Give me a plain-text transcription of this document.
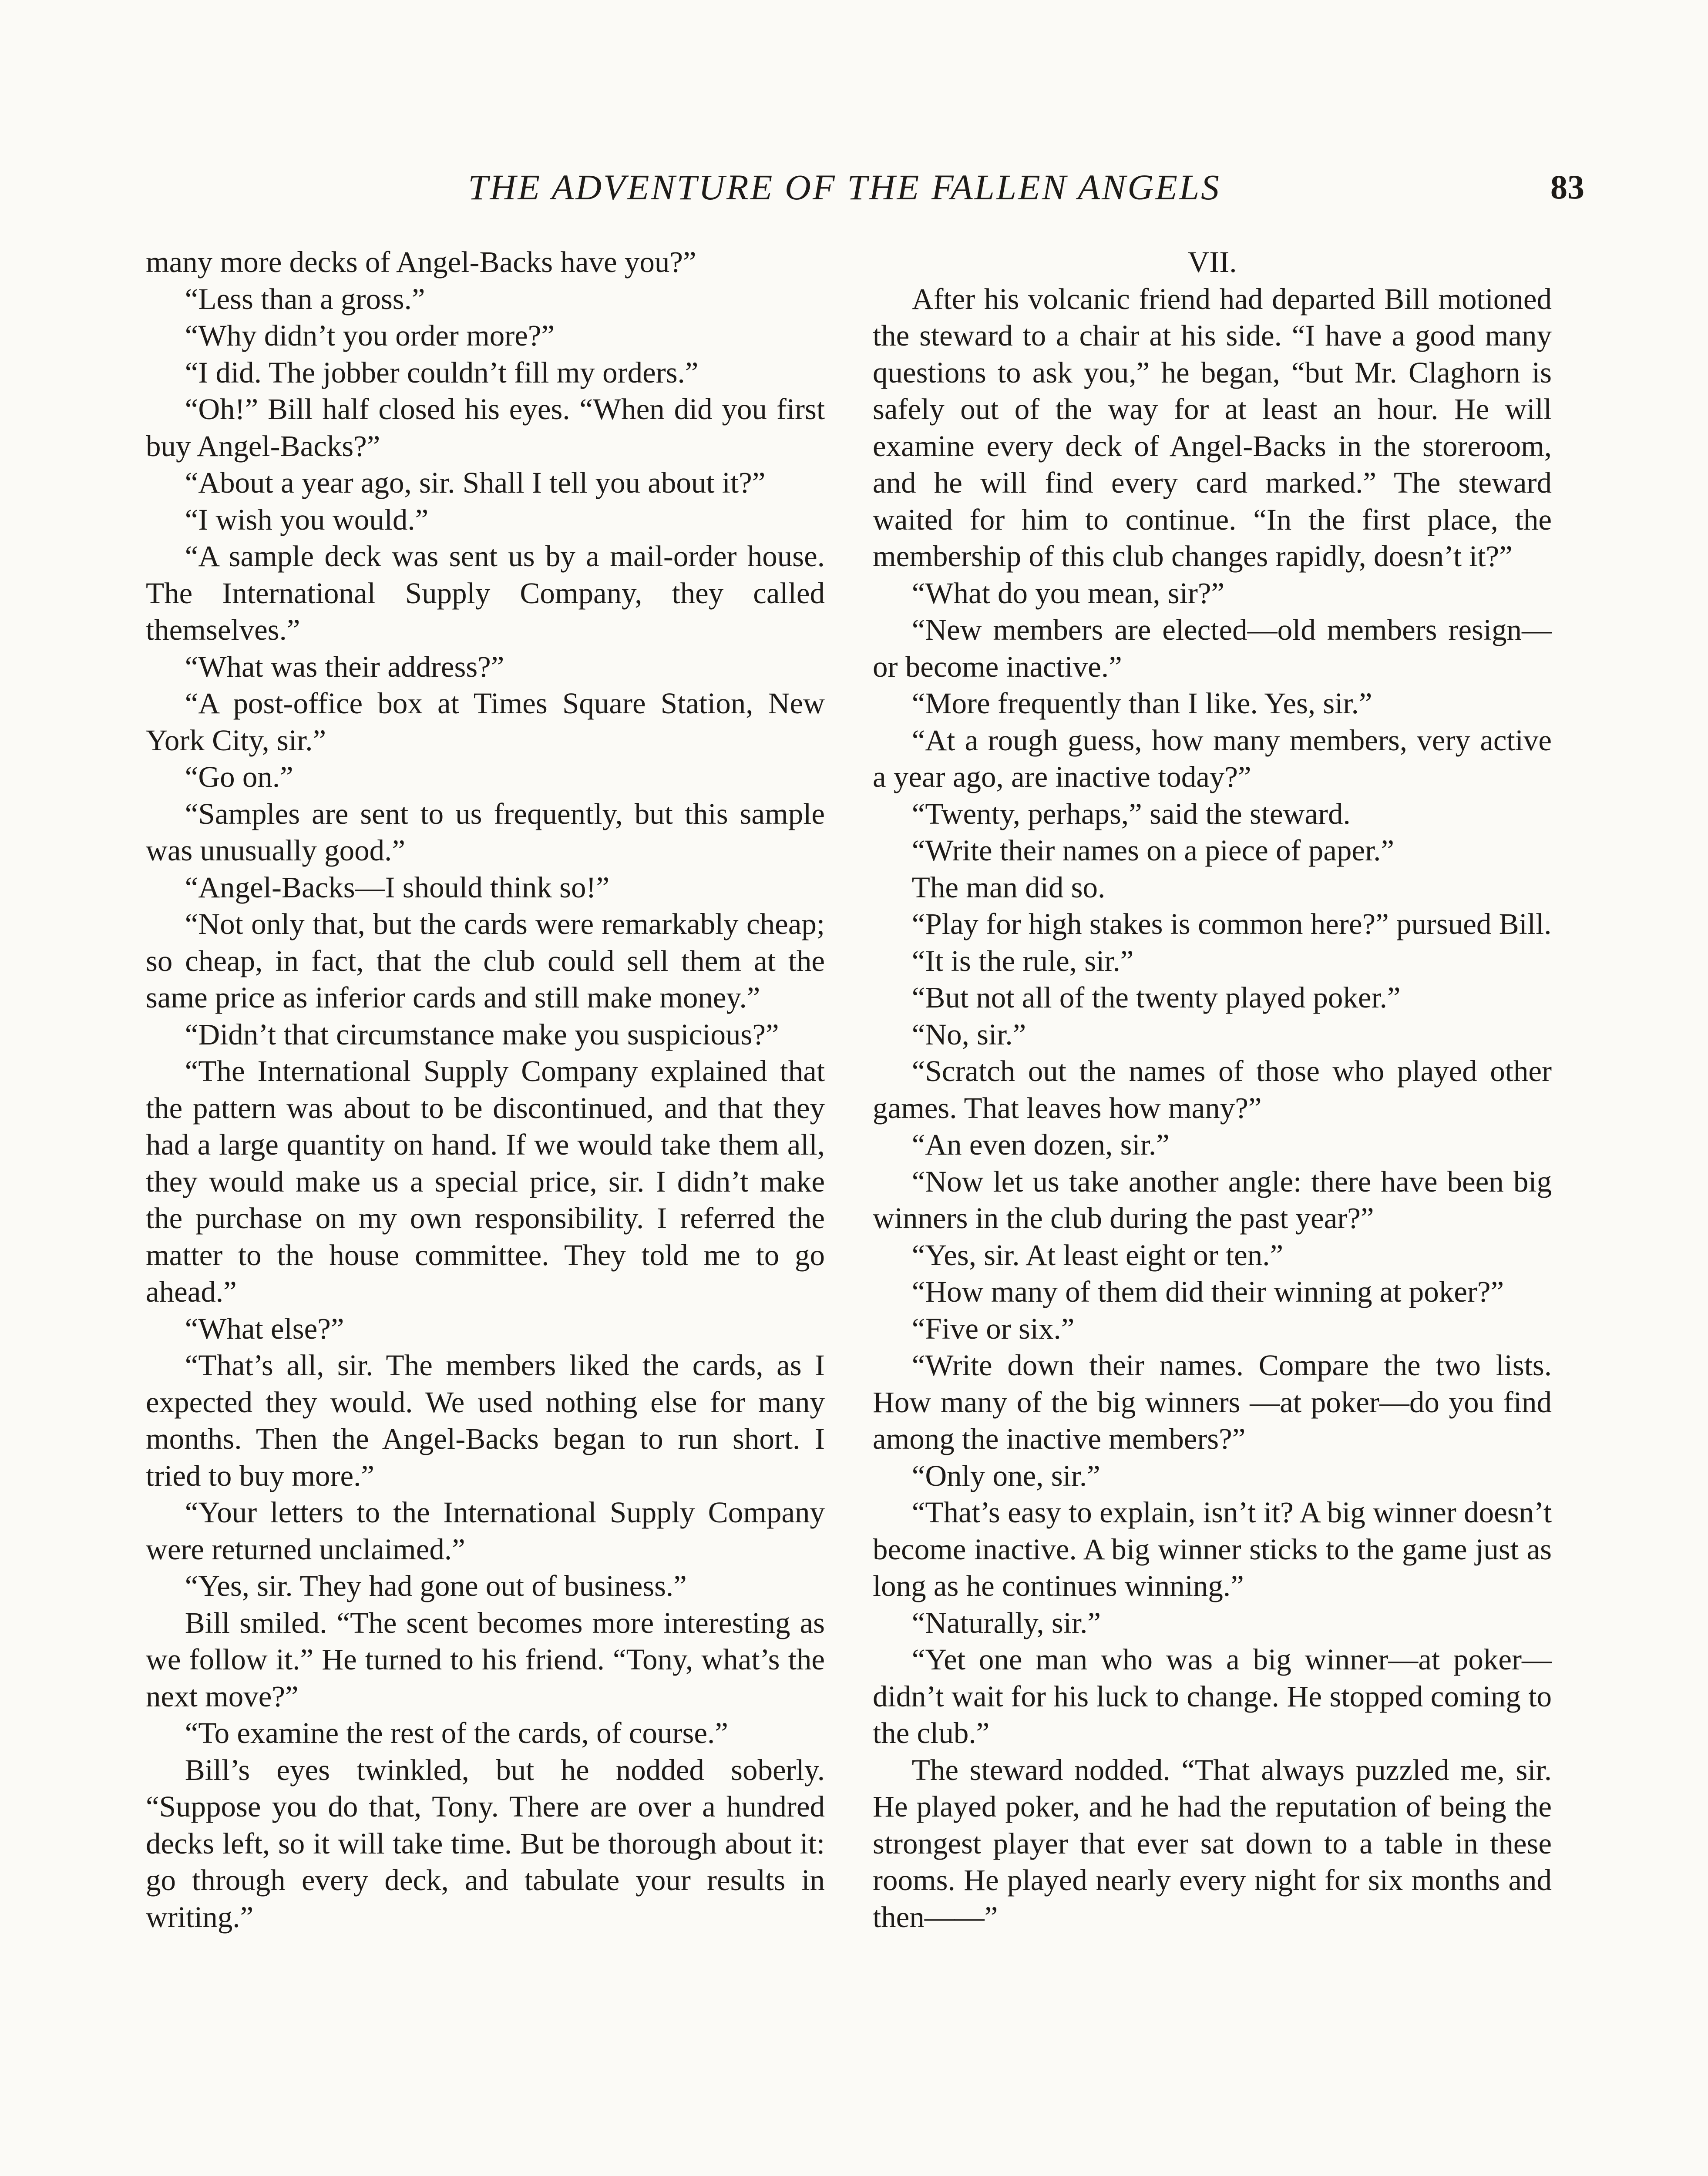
THE ADVENTURE OF THE FALLEN ANGELS	83

many more decks of Angel-Backs have you?”

“Less than a gross.”

“Why didn’t you order more?”

“I did. The jobber couldn’t fill my orders.”

“Oh!” Bill half closed his eyes. “When did you first buy Angel-Backs?”

“About a year ago, sir. Shall I tell you about it?”

“I wish you would.”

“A sample deck was sent us by a mail-order house. The International Supply Company, they called themselves.”

“What was their address?”

“A post-office box at Times Square Station, New York City, sir.”

“Go on.”

“Samples are sent to us frequently, but this sample was unusually good.”

“Angel-Backs—I should think so!”

“Not only that, but the cards were remarkably cheap; so cheap, in fact, that the club could sell them at the same price as inferior cards and still make money.”

“Didn’t that circumstance make you suspicious?”

“The International Supply Company explained that the pattern was about to be discontinued, and that they had a large quantity on hand. If we would take them all, they would make us a special price, sir. I didn’t make the purchase on my own responsibility. I referred the matter to the house committee. They told me to go ahead.”

“What else?”

“That’s all, sir. The members liked the cards, as I expected they would. We used nothing else for many months. Then the Angel-Backs began to run short. I tried to buy more.”

“Your letters to the International Supply Company were returned unclaimed.”

“Yes, sir. They had gone out of business.”

Bill smiled. “The scent becomes more interesting as we follow it.” He turned to his friend. “Tony, what’s the next move?”

“To examine the rest of the cards, of course.”

Bill’s eyes twinkled, but he nodded soberly. “Suppose you do that, Tony. There are over a hundred decks left, so it will take time. But be thorough about it: go through every deck, and tabulate your results in writing.”

VII.

After his volcanic friend had departed Bill motioned the steward to a chair at his side. “I have a good many questions to ask you,” he began, “but Mr. Claghorn is safely out of the way for at least an hour. He will examine every deck of Angel-Backs in the storeroom, and he will find every card marked.” The steward waited for him to continue. “In the first place, the membership of this club changes rapidly, doesn’t it?”

“What do you mean, sir?”

“New members are elected—old members resign—or become inactive.”

“More frequently than I like. Yes, sir.”

“At a rough guess, how many members, very active a year ago, are inactive today?”

“Twenty, perhaps,” said the steward.

“Write their names on a piece of paper.”

The man did so.

“Play for high stakes is common here?” pursued Bill.

“It is the rule, sir.”

“But not all of the twenty played poker.”

“No, sir.”

“Scratch out the names of those who played other games. That leaves how many?”

“An even dozen, sir.”

“Now let us take another angle: there have been big winners in the club during the past year?”

“Yes, sir. At least eight or ten.”

“How many of them did their winning at poker?”

“Five or six.”

“Write down their names. Compare the two lists. How many of the big winners —at poker—do you find among the inactive members?”

“Only one, sir.”

“That’s easy to explain, isn’t it? A big winner doesn’t become inactive. A big winner sticks to the game just as long as he continues winning.”

“Naturally, sir.”

“Yet one man who was a big winner—at poker—didn’t wait for his luck to change. He stopped coming to the club.”

The steward nodded. “That always puzzled me, sir. He played poker, and he had the reputation of being the strongest player that ever sat down to a table in these rooms. He played nearly every night for six months and then——”
